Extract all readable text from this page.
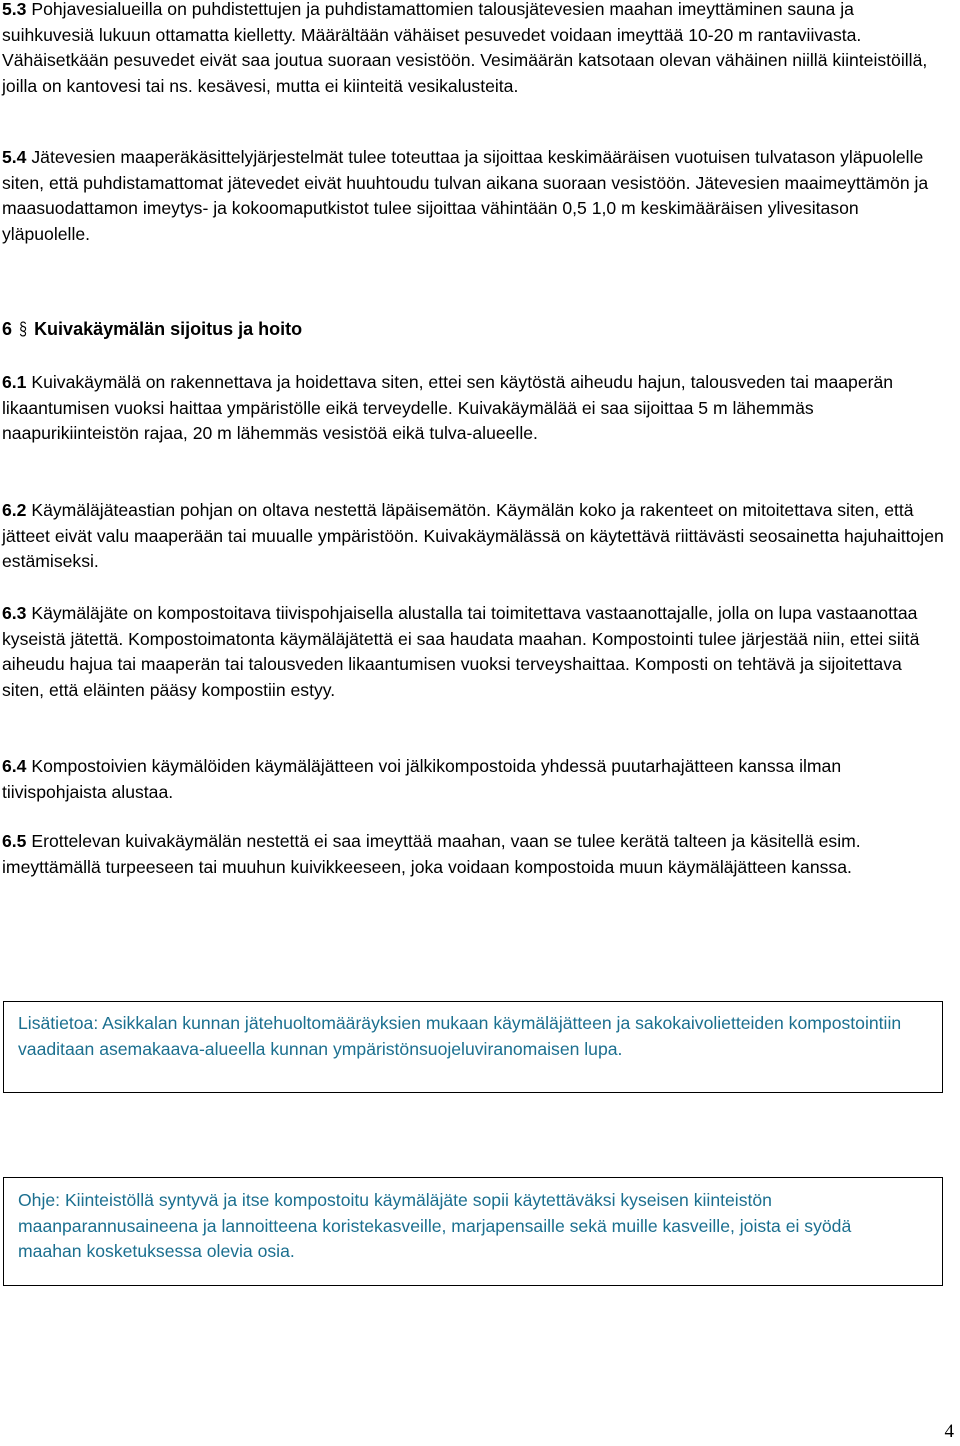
5.3 Pohjavesialueilla on puhdistettujen ja puhdistamattomien talousjätevesien maahan imeyttäminen sauna ja suihkuvesiä lukuun ottamatta kielletty. Määrältään vähäiset pesuvedet voidaan imeyttää 10-20 m rantaviivasta. Vähäisetkään pesuvedet eivät saa joutua suoraan vesistöön. Vesimäärän katsotaan olevan vähäinen niillä kiinteistöillä, joilla on kantovesi tai ns. kesävesi, mutta ei kiinteitä vesikalusteita.

5.4 Jätevesien maaperäkäsittelyjärjestelmät tulee toteuttaa ja sijoittaa keskimääräisen vuotuisen tulvatason yläpuolelle siten, että puhdistamattomat jätevedet eivät huuhtoudu tulvan aikana suoraan vesistöön. Jätevesien maaimeyttämön ja maasuodattamon imeytys- ja kokoomaputkistot tulee sijoittaa vähintään 0,5 1,0 m keskimääräisen ylivesitason yläpuolelle.

6 § Kuivakäymälän sijoitus ja hoito

6.1 Kuivakäymälä on rakennettava ja hoidettava siten, ettei sen käytöstä aiheudu hajun, talousveden tai maaperän likaantumisen vuoksi haittaa ympäristölle eikä terveydelle. Kuivakäymälää ei saa sijoittaa 5 m lähemmäs naapurikiinteistön rajaa, 20 m lähemmäs vesistöä eikä tulva-alueelle.

6.2 Käymäläjäteastian pohjan on oltava nestettä läpäisemätön. Käymälän koko ja rakenteet on mitoitettava siten, että jätteet eivät valu maaperään tai muualle ympäristöön. Kuivakäymälässä on käytettävä riittävästi seosainetta hajuhaittojen estämiseksi.

6.3 Käymäläjäte on kompostoitava tiivispohjaisella alustalla tai toimitettava vastaanottajalle, jolla on lupa vastaanottaa kyseistä jätettä. Kompostoimatonta käymäläjätettä ei saa haudata maahan. Kompostointi tulee järjestää niin, ettei siitä aiheudu hajua tai maaperän tai talousveden likaantumisen vuoksi terveyshaittaa. Komposti on tehtävä ja sijoitettava siten, että eläinten pääsy kompostiin estyy.

6.4 Kompostoivien käymälöiden käymäläjätteen voi jälkikompostoida yhdessä puutarhajätteen kanssa ilman tiivispohjaista alustaa.

6.5 Erottelevan kuivakäymälän nestettä ei saa imeyttää maahan, vaan se tulee kerätä talteen ja käsitellä esim. imeyttämällä turpeeseen tai muuhun kuivikkeeseen, joka voidaan kompostoida muun käymäläjätteen kanssa.

Lisätietoa: Asikkalan kunnan jätehuoltomääräyksien mukaan käymäläjätteen ja sakokaivolietteiden kompostointiin vaaditaan asemakaava-alueella kunnan ympäristönsuojeluviranomaisen lupa.

Ohje: Kiinteistöllä syntyvä ja itse kompostoitu käymäläjäte sopii käytettäväksi kyseisen kiinteistön maanparannusaineena ja lannoitteena koristekasveille, marjapensaille sekä muille kasveille, joista ei syödä maahan kosketuksessa olevia osia.

4
